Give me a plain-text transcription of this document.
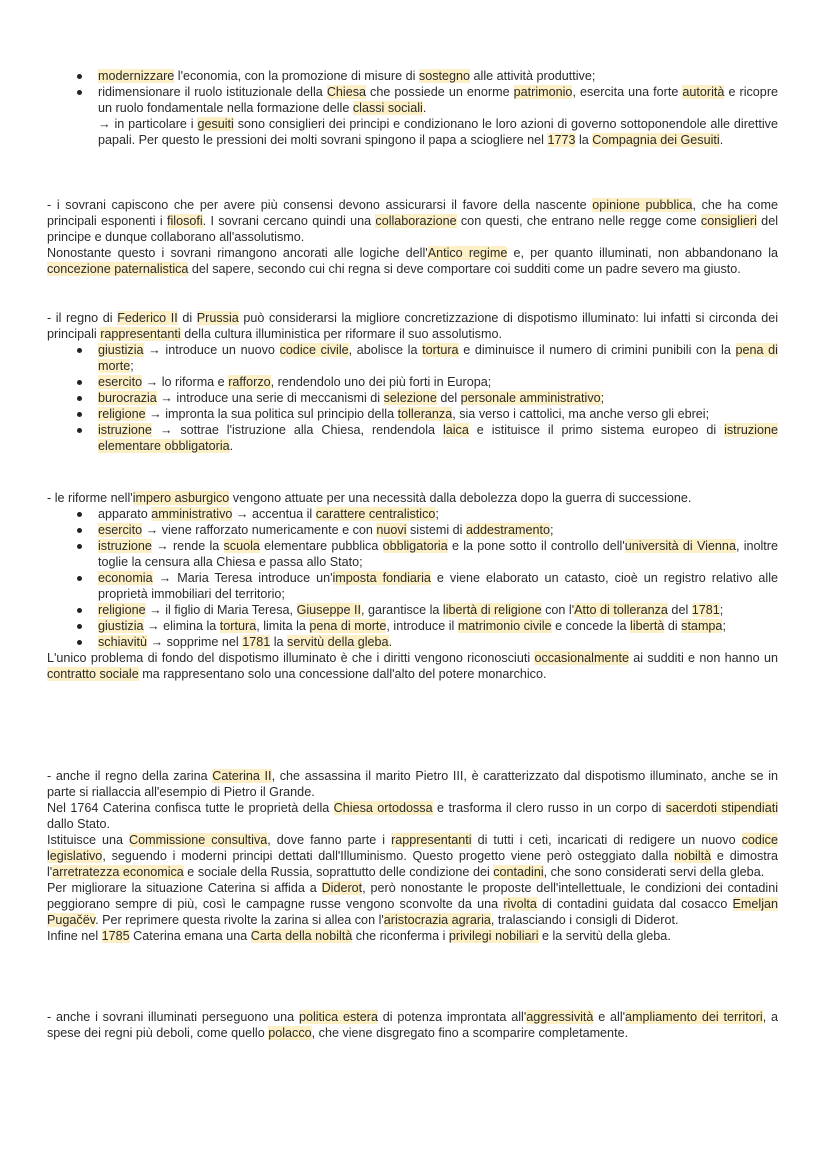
modernizzare l'economia, con la promozione di misure di sostegno alle attività produttive;
ridimensionare il ruolo istituzionale della Chiesa che possiede un enorme patrimonio, esercita una forte autorità e ricopre un ruolo fondamentale nella formazione delle classi sociali.
→ in particolare i gesuiti sono consiglieri dei principi e condizionano le loro azioni di governo sottoponendole alle direttive papali. Per questo le pressioni dei molti sovrani spingono il papa a sciogliere nel 1773 la Compagnia dei Gesuiti.

- i sovrani capiscono che per avere più consensi devono assicurarsi il favore della nascente opinione pubblica, che ha come principali esponenti i filosofi. I sovrani cercano quindi una collaborazione con questi, che entrano nelle regge come consiglieri del principe e dunque collaborano all'assolutismo.

Nonostante questo i sovrani rimangono ancorati alle logiche dell'Antico regime e, per quanto illuminati, non abbandonano la concezione paternalistica del sapere, secondo cui chi regna si deve comportare coi sudditi come un padre severo ma giusto.

- il regno di Federico II di Prussia può considerarsi la migliore concretizzazione di dispotismo illuminato: lui infatti si circonda dei principali rappresentanti della cultura illuministica per riformare il suo assolutismo.

giustizia → introduce un nuovo codice civile, abolisce la tortura e diminuisce il numero di crimini punibili con la pena di morte;
esercito → lo riforma e rafforzo, rendendolo uno dei più forti in Europa;
burocrazia → introduce una serie di meccanismi di selezione del personale amministrativo;
religione → impronta la sua politica sul principio della tolleranza, sia verso i cattolici, ma anche verso gli ebrei;
istruzione → sottrae l'istruzione alla Chiesa, rendendola laica e istituisce il primo sistema europeo di istruzione elementare obbligatoria.

- le riforme nell'impero asburgico vengono attuate per una necessità dalla debolezza dopo la guerra di successione.

apparato amministrativo → accentua il carattere centralistico;
esercito → viene rafforzato numericamente e con nuovi sistemi di addestramento;
istruzione → rende la scuola elementare pubblica obbligatoria e la pone sotto il controllo dell'università di Vienna, inoltre toglie la censura alla Chiesa e passa allo Stato;
economia → Maria Teresa introduce un'imposta fondiaria e viene elaborato un catasto, cioè un registro relativo alle proprietà immobiliari del territorio;
religione → il figlio di Maria Teresa, Giuseppe II, garantisce la libertà di religione con l'Atto di tolleranza del 1781;
giustizia → elimina la tortura, limita la pena di morte, introduce il matrimonio civile e concede la libertà di stampa;
schiavitù → sopprime nel 1781 la servitù della gleba.

L'unico problema di fondo del dispotismo illuminato è che i diritti vengono riconosciuti occasionalmente ai sudditi e non hanno un contratto sociale ma rappresentano solo una concessione dall'alto del potere monarchico.

- anche il regno della zarina Caterina II, che assassina il marito Pietro III, è caratterizzato dal dispotismo illuminato, anche se in parte si riallaccia all'esempio di Pietro il Grande.

Nel 1764 Caterina confisca tutte le proprietà della Chiesa ortodossa e trasforma il clero russo in un corpo di sacerdoti stipendiati dallo Stato.

Istituisce una Commissione consultiva, dove fanno parte i rappresentanti di tutti i ceti, incaricati di redigere un nuovo codice legislativo, seguendo i moderni principi dettati dall'Illuminismo. Questo progetto viene però osteggiato dalla nobiltà e dimostra l'arretratezza economica e sociale della Russia, soprattutto delle condizione dei contadini, che sono considerati servi della gleba.

Per migliorare la situazione Caterina si affida a Diderot, però nonostante le proposte dell'intellettuale, le condizioni dei contadini peggiorano sempre di più, così le campagne russe vengono sconvolte da una rivolta di contadini guidata dal cosacco Emeljan Pugačëv. Per reprimere questa rivolte la zarina si allea con l'aristocrazia agraria, tralasciando i consigli di Diderot.

Infine nel 1785 Caterina emana una Carta della nobiltà che riconferma i privilegi nobiliari e la servitù della gleba.

- anche i sovrani illuminati perseguono una politica estera di potenza improntata all'aggressività e all'ampliamento dei territori, a spese dei regni più deboli, come quello polacco, che viene disgregato fino a scomparire completamente.
